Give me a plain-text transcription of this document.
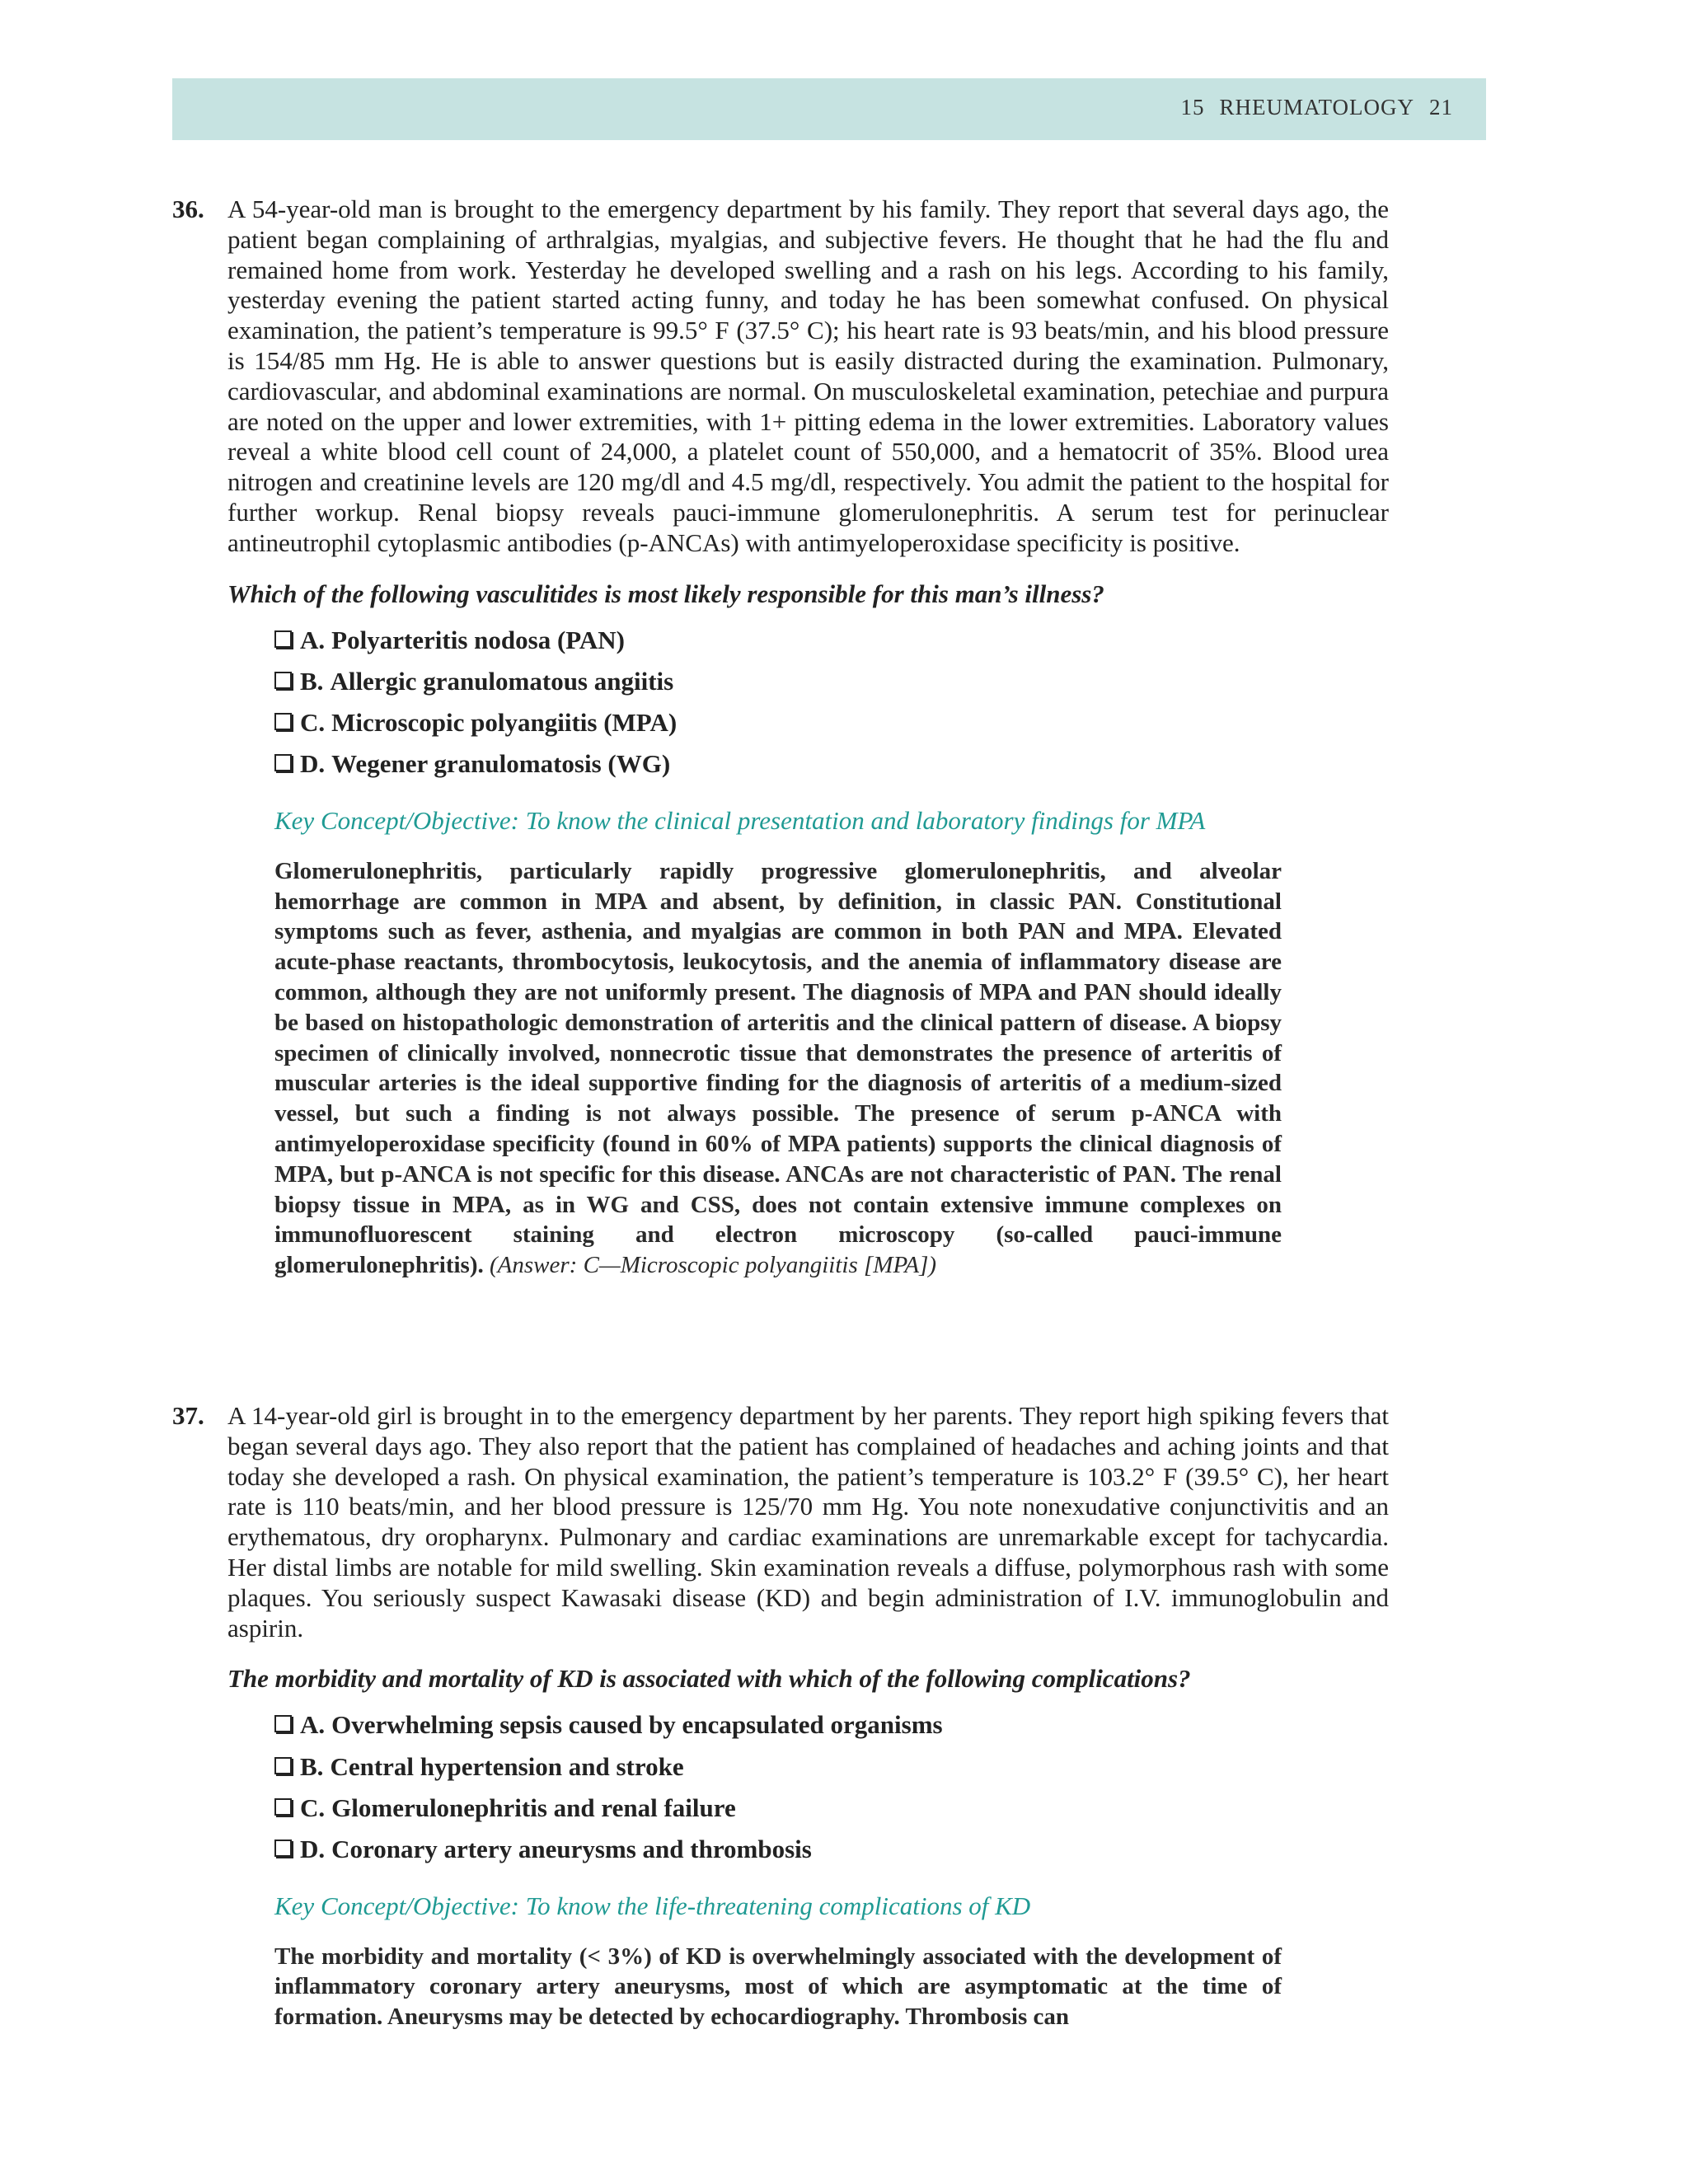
15 RHEUMATOLOGY 21
36. A 54-year-old man is brought to the emergency department by his family. They report that several days ago, the patient began complaining of arthralgias, myalgias, and subjective fevers. He thought that he had the flu and remained home from work. Yesterday he developed swelling and a rash on his legs. According to his family, yesterday evening the patient started acting funny, and today he has been somewhat confused. On physical examination, the patient’s temperature is 99.5° F (37.5° C); his heart rate is 93 beats/min, and his blood pressure is 154/85 mm Hg. He is able to answer questions but is easily distracted during the examination. Pulmonary, cardiovascular, and abdominal examinations are normal. On musculoskeletal examination, petechiae and purpura are noted on the upper and lower extremities, with 1+ pitting edema in the lower extremities. Laboratory values reveal a white blood cell count of 24,000, a platelet count of 550,000, and a hematocrit of 35%. Blood urea nitrogen and creatinine levels are 120 mg/dl and 4.5 mg/dl, respectively. You admit the patient to the hospital for further workup. Renal biopsy reveals pauci-immune glomerulonephritis. A serum test for perinuclear antineutrophil cytoplasmic antibodies (p-ANCAs) with antimyeloperoxidase specificity is positive.
Which of the following vasculitides is most likely responsible for this man’s illness?
A. Polyarteritis nodosa (PAN)
B. Allergic granulomatous angiitis
C. Microscopic polyangiitis (MPA)
D. Wegener granulomatosis (WG)
Key Concept/Objective: To know the clinical presentation and laboratory findings for MPA
Glomerulonephritis, particularly rapidly progressive glomerulonephritis, and alveolar hemorrhage are common in MPA and absent, by definition, in classic PAN. Constitutional symptoms such as fever, asthenia, and myalgias are common in both PAN and MPA. Elevated acute-phase reactants, thrombocytosis, leukocytosis, and the anemia of inflammatory disease are common, although they are not uniformly present. The diagnosis of MPA and PAN should ideally be based on histopathologic demonstration of arteritis and the clinical pattern of disease. A biopsy specimen of clinically involved, nonnecrotic tissue that demonstrates the presence of arteritis of muscular arteries is the ideal supportive finding for the diagnosis of arteritis of a medium-sized vessel, but such a finding is not always possible. The presence of serum p-ANCA with antimyeloperoxidase specificity (found in 60% of MPA patients) supports the clinical diagnosis of MPA, but p-ANCA is not specific for this disease. ANCAs are not characteristic of PAN. The renal biopsy tissue in MPA, as in WG and CSS, does not contain extensive immune complexes on immunofluorescent staining and electron microscopy (so-called pauci-immune glomerulonephritis). (Answer: C—Microscopic polyangiitis [MPA])
37. A 14-year-old girl is brought in to the emergency department by her parents. They report high spiking fevers that began several days ago. They also report that the patient has complained of headaches and aching joints and that today she developed a rash. On physical examination, the patient’s temperature is 103.2° F (39.5° C), her heart rate is 110 beats/min, and her blood pressure is 125/70 mm Hg. You note nonexudative conjunctivitis and an erythematous, dry oropharynx. Pulmonary and cardiac examinations are unremarkable except for tachycardia. Her distal limbs are notable for mild swelling. Skin examination reveals a diffuse, polymorphous rash with some plaques. You seriously suspect Kawasaki disease (KD) and begin administration of I.V. immunoglobulin and aspirin.
The morbidity and mortality of KD is associated with which of the following complications?
A. Overwhelming sepsis caused by encapsulated organisms
B. Central hypertension and stroke
C. Glomerulonephritis and renal failure
D. Coronary artery aneurysms and thrombosis
Key Concept/Objective: To know the life-threatening complications of KD
The morbidity and mortality (< 3%) of KD is overwhelmingly associated with the development of inflammatory coronary artery aneurysms, most of which are asymptomatic at the time of formation. Aneurysms may be detected by echocardiography. Thrombosis can
